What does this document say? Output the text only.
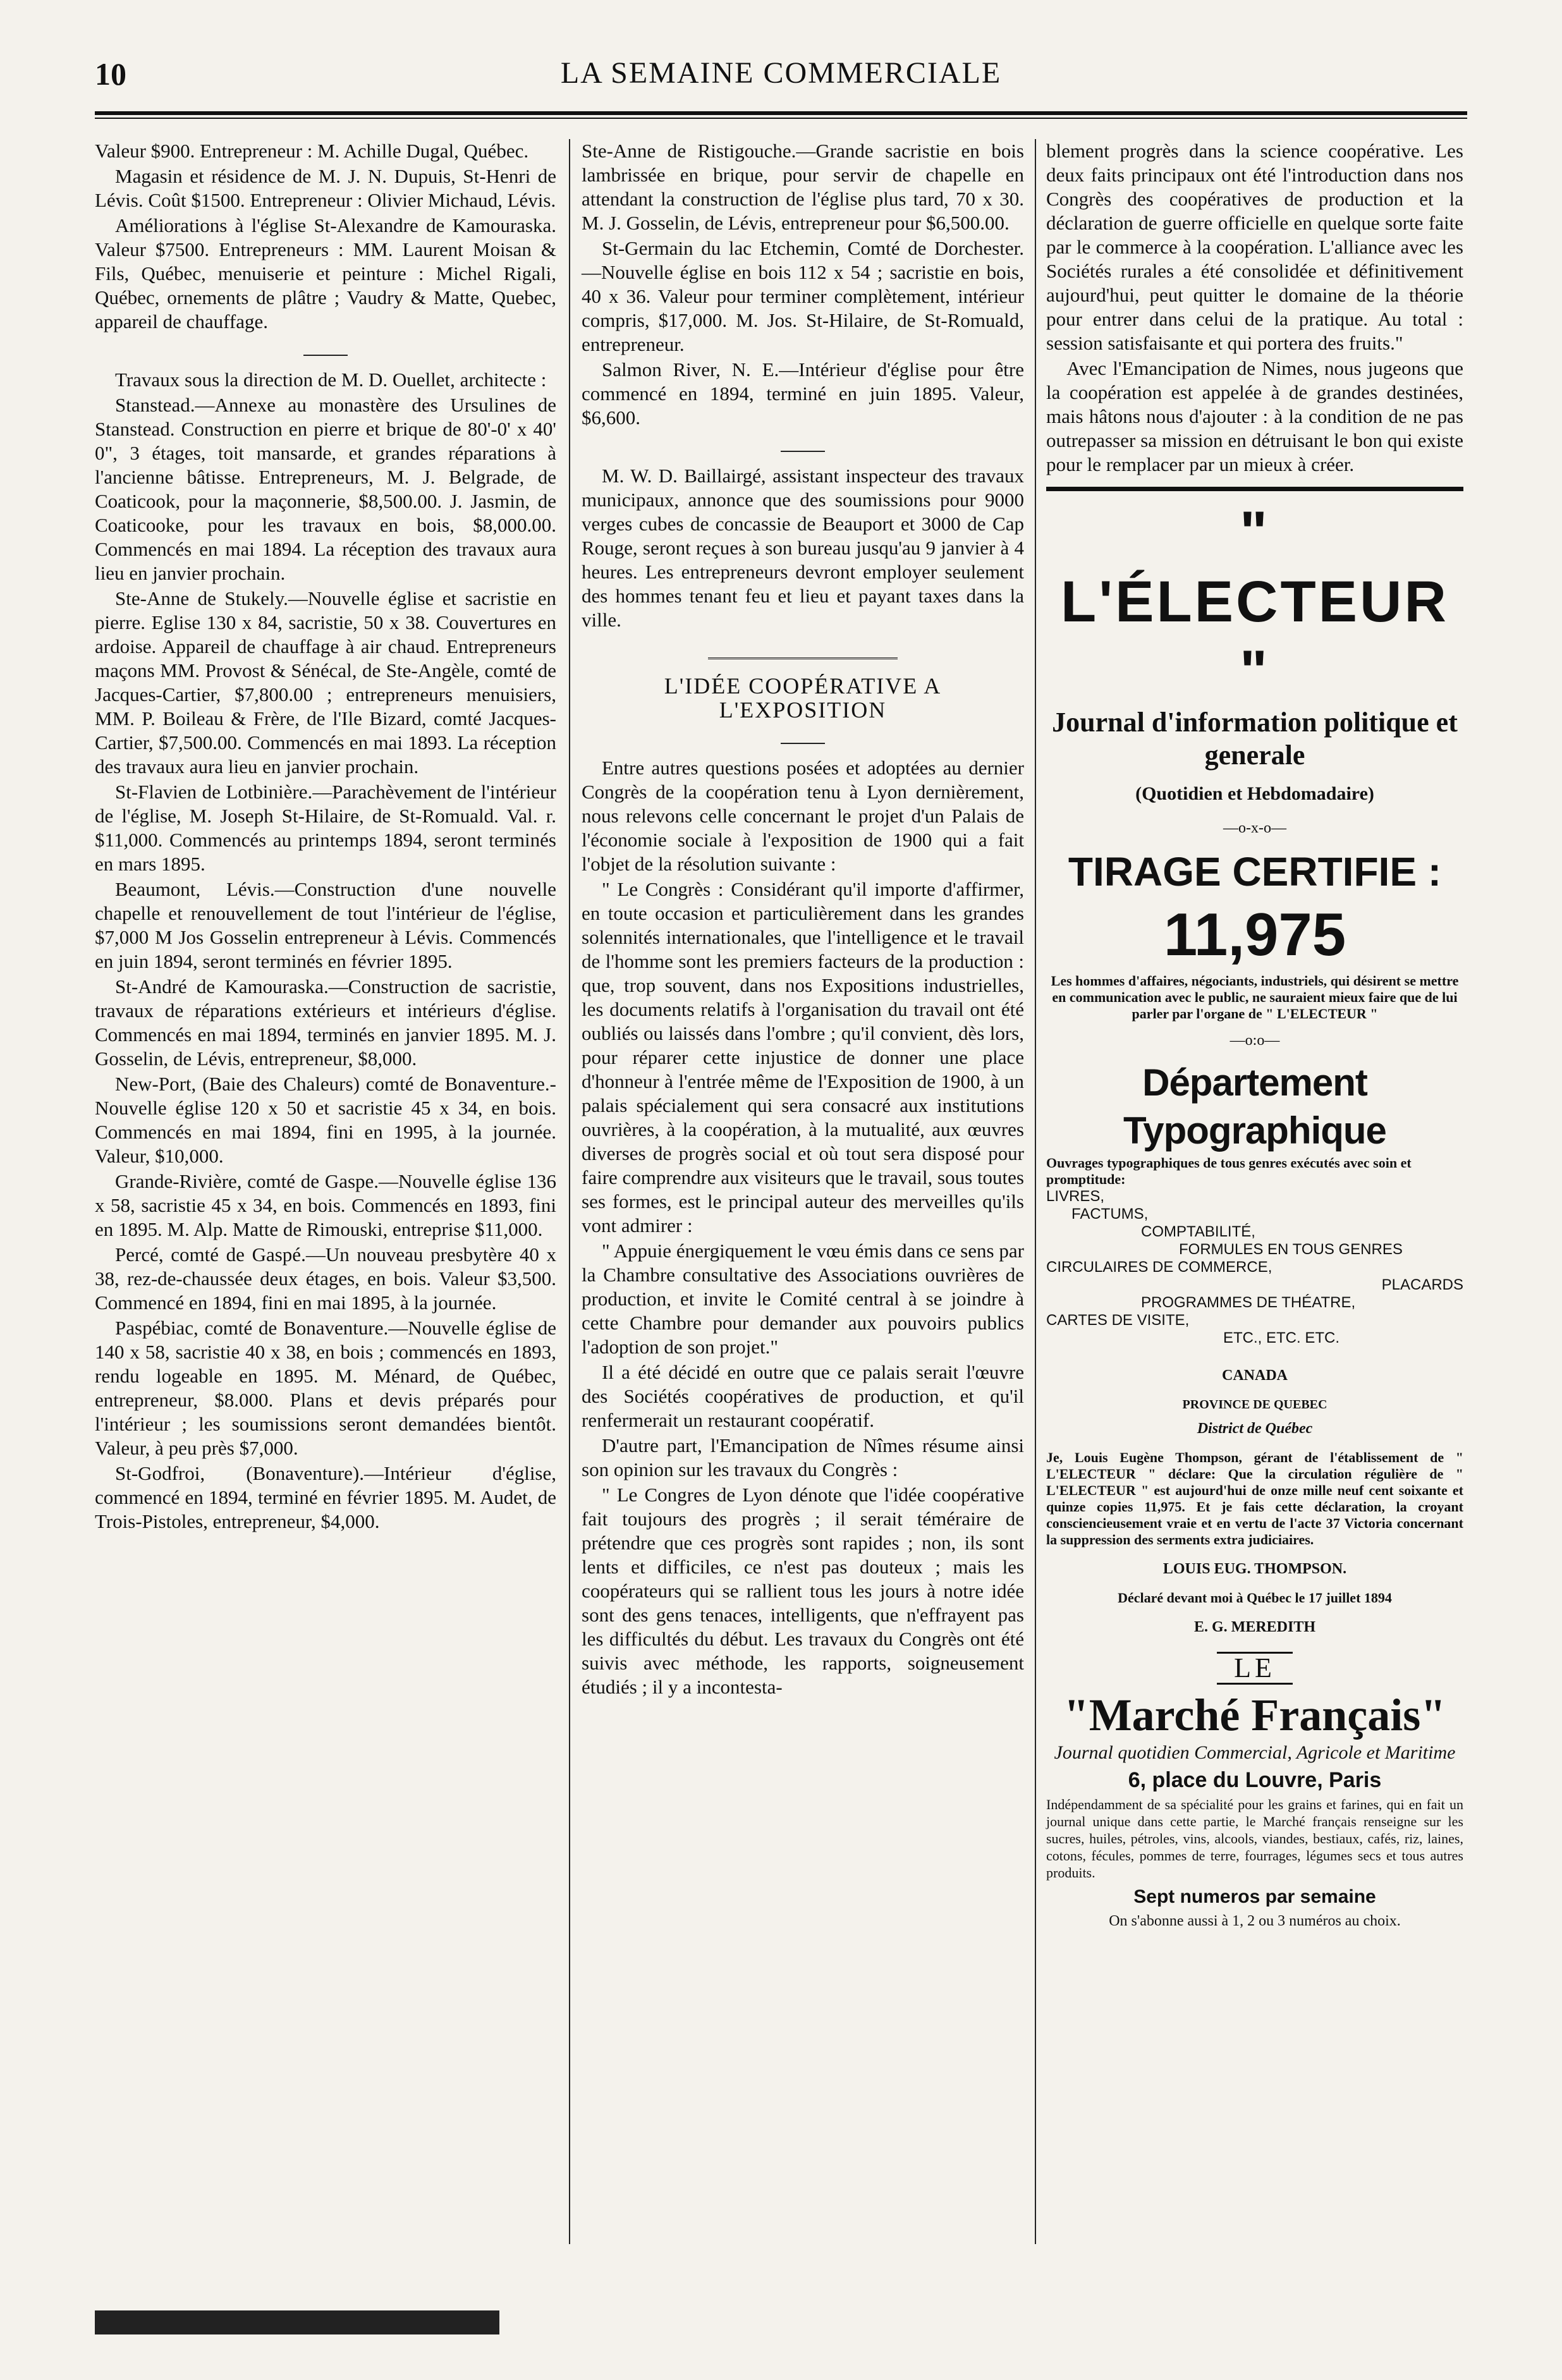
10	LA SEMAINE COMMERCIALE

Valeur $900. Entrepreneur : M. Achille Dugal, Québec.

Magasin et résidence de M. J. N. Dupuis, St-Henri de Lévis. Coût $1500. Entrepreneur : Olivier Michaud, Lévis.

Améliorations à l'église St-Alexandre de Kamouraska. Valeur $7500. Entrepreneurs : MM. Laurent Moisan & Fils, Québec, menuiserie et peinture : Michel Rigali, Québec, ornements de plâtre ; Vaudry & Matte, Quebec, appareil de chauffage.

Travaux sous la direction de M. D. Ouellet, architecte :

Stanstead.—Annexe au monastère des Ursulines de Stanstead. Construction en pierre et brique de 80'-0' x 40' 0", 3 étages, toit mansarde, et grandes réparations à l'ancienne bâtisse. Entrepreneurs, M. J. Belgrade, de Coaticook, pour la maçonnerie, $8,500.00. J. Jasmin, de Coaticooke, pour les travaux en bois, $8,000.00. Commencés en mai 1894. La réception des travaux aura lieu en janvier prochain.

Ste-Anne de Stukely.—Nouvelle église et sacristie en pierre. Eglise 130 x 84, sacristie, 50 x 38. Couvertures en ardoise. Appareil de chauffage à air chaud. Entrepreneurs maçons MM. Provost & Sénécal, de Ste-Angèle, comté de Jacques-Cartier, $7,800.00 ; entrepreneurs menuisiers, MM. P. Boileau & Frère, de l'Ile Bizard, comté Jacques-Cartier, $7,500.00. Commencés en mai 1893. La réception des travaux aura lieu en janvier prochain.

St-Flavien de Lotbinière.—Parachèvement de l'intérieur de l'église, M. Joseph St-Hilaire, de St-Romuald. Val. r. $11,000. Commencés au printemps 1894, seront terminés en mars 1895.

Beaumont, Lévis.—Construction d'une nouvelle chapelle et renouvellement de tout l'intérieur de l'église, $7,000 M Jos Gosselin entrepreneur à Lévis. Commencés en juin 1894, seront terminés en février 1895.

St-André de Kamouraska.—Construction de sacristie, travaux de réparations extérieurs et intérieurs d'église. Commencés en mai 1894, terminés en janvier 1895. M. J. Gosselin, de Lévis, entrepreneur, $8,000.

New-Port, (Baie des Chaleurs) comté de Bonaventure.- Nouvelle église 120 x 50 et sacristie 45 x 34, en bois. Commencés en mai 1894, fini en 1995, à la journée. Valeur, $10,000.

Grande-Rivière, comté de Gaspe.—Nouvelle église 136 x 58, sacristie 45 x 34, en bois. Commencés en 1893, fini en 1895. M. Alp. Matte de Rimouski, entreprise $11,000.

Percé, comté de Gaspé.—Un nouveau presbytère 40 x 38, rez-de-chaussée deux étages, en bois. Valeur $3,500. Commencé en 1894, fini en mai 1895, à la journée.

Paspébiac, comté de Bonaventure.—Nouvelle église de 140 x 58, sacristie 40 x 38, en bois ; commencés en 1893, rendu logeable en 1895. M. Ménard, de Québec, entrepreneur, $8.000. Plans et devis préparés pour l'intérieur ; les soumissions seront demandées bientôt. Valeur, à peu près $7,000.

St-Godfroi, (Bonaventure).—Intérieur d'église, commencé en 1894, terminé en février 1895. M. Audet, de Trois-Pistoles, entrepreneur, $4,000.

Ste-Anne de Ristigouche.—Grande sacristie en bois lambrissée en brique, pour servir de chapelle en attendant la construction de l'église plus tard, 70 x 30. M. J. Gosselin, de Lévis, entrepreneur pour $6,500.00.

St-Germain du lac Etchemin, Comté de Dorchester.—Nouvelle église en bois 112 x 54 ; sacristie en bois, 40 x 36. Valeur pour terminer complètement, intérieur compris, $17,000. M. Jos. St-Hilaire, de St-Romuald, entrepreneur.

Salmon River, N. E.—Intérieur d'église pour être commencé en 1894, terminé en juin 1895. Valeur, $6,600.

M. W. D. Baillairgé, assistant inspecteur des travaux municipaux, annonce que des soumissions pour 9000 verges cubes de concassie de Beauport et 3000 de Cap Rouge, seront reçues à son bureau jusqu'au 9 janvier à 4 heures. Les entrepreneurs devront employer seulement des hommes tenant feu et lieu et payant taxes dans la ville.

L'IDÉE COOPÉRATIVE A L'EXPOSITION

Entre autres questions posées et adoptées au dernier Congrès de la coopération tenu à Lyon dernièrement, nous relevons celle concernant le projet d'un Palais de l'économie sociale à l'exposition de 1900 qui a fait l'objet de la résolution suivante :

" Le Congrès : Considérant qu'il importe d'affirmer, en toute occasion et particulièrement dans les grandes solennités internationales, que l'intelligence et le travail de l'homme sont les premiers facteurs de la production : que, trop souvent, dans nos Expositions industrielles, les documents relatifs à l'organisation du travail ont été oubliés ou laissés dans l'ombre ; qu'il convient, dès lors, pour réparer cette injustice de donner une place d'honneur à l'entrée même de l'Exposition de 1900, à un palais spécialement qui sera consacré aux institutions ouvrières, à la coopération, à la mutualité, aux œuvres diverses de progrès social et où tout sera disposé pour faire comprendre aux visiteurs que le travail, sous toutes ses formes, est le principal auteur des merveilles qu'ils vont admirer :

" Appuie énergiquement le vœu émis dans ce sens par la Chambre consultative des Associations ouvrières de production, et invite le Comité central à se joindre à cette Chambre pour demander aux pouvoirs publics l'adoption de son projet."

Il a été décidé en outre que ce palais serait l'œuvre des Sociétés coopératives de production, et qu'il renfermerait un restaurant coopératif.

D'autre part, l'Emancipation de Nîmes résume ainsi son opinion sur les travaux du Congrès :

" Le Congres de Lyon dénote que l'idée coopérative fait toujours des progrès ; il serait téméraire de prétendre que ces progrès sont rapides ; non, ils sont lents et difficiles, ce n'est pas douteux ; mais les coopérateurs qui se rallient tous les jours à notre idée sont des gens tenaces, intelligents, que n'effrayent pas les difficultés du début. Les travaux du Congrès ont été suivis avec méthode, les rapports, soigneusement étudiés ; il y a incontesta-

blement progrès dans la science coopérative. Les deux faits principaux ont été l'introduction dans nos Congrès des coopératives de production et la déclaration de guerre officielle en quelque sorte faite par le commerce à la coopération. L'alliance avec les Sociétés rurales a été consolidée et définitivement aujourd'hui, peut quitter le domaine de la théorie pour entrer dans celui de la pratique. Au total : session satisfaisante et qui portera des fruits."

Avec l'Emancipation de Nimes, nous jugeons que la coopération est appelée à de grandes destinées, mais hâtons nous d'ajouter : à la condition de ne pas outrepasser sa mission en détruisant le bon qui existe pour le remplacer par un mieux à créer.

" L'ÉLECTEUR "
Journal d'information politique et generale
(Quotidien et Hebdomadaire)
—o-x-o—
TIRAGE CERTIFIE :
11,975
Les hommes d'affaires, négociants, industriels, qui désirent se mettre en communication avec le public, ne sauraient mieux faire que de lui parler par l'organe de " L'ELECTEUR "
—o:o—
Département Typographique
Ouvrages typographiques de tous genres exécutés avec soin et promptitude:
LIVRES,
FACTUMS,
COMPTABILITÉ,
FORMULES EN TOUS GENRES
CIRCULAIRES DE COMMERCE,
PLACARDS
PROGRAMMES DE THÉATRE,
CARTES DE VISITE,
ETC., ETC. ETC.
CANADA
PROVINCE DE QUEBEC
District de Québec
Je, Louis Eugène Thompson, gérant de l'établissement de " L'ELECTEUR " déclare: Que la circulation régulière de " L'ELECTEUR " est aujourd'hui de onze mille neuf cent soixante et quinze copies 11,975. Et je fais cette déclaration, la croyant consciencieusement vraie et en vertu de l'acte 37 Victoria concernant la suppression des serments extra judiciaires.
LOUIS EUG. THOMPSON.
Déclaré devant moi à Québec le 17 juillet 1894
E. G. MEREDITH
LE
"Marché Français"
Journal quotidien Commercial, Agricole et Maritime
6, place du Louvre, Paris
Indépendamment de sa spécialité pour les grains et farines, qui en fait un journal unique dans cette partie, le Marché français renseigne sur les sucres, huiles, pétroles, vins, alcools, viandes, bestiaux, cafés, riz, laines, cotons, fécules, pommes de terre, fourrages, légumes secs et tous autres produits.
Sept numeros par semaine
On s'abonne aussi à 1, 2 ou 3 numéros au choix.
